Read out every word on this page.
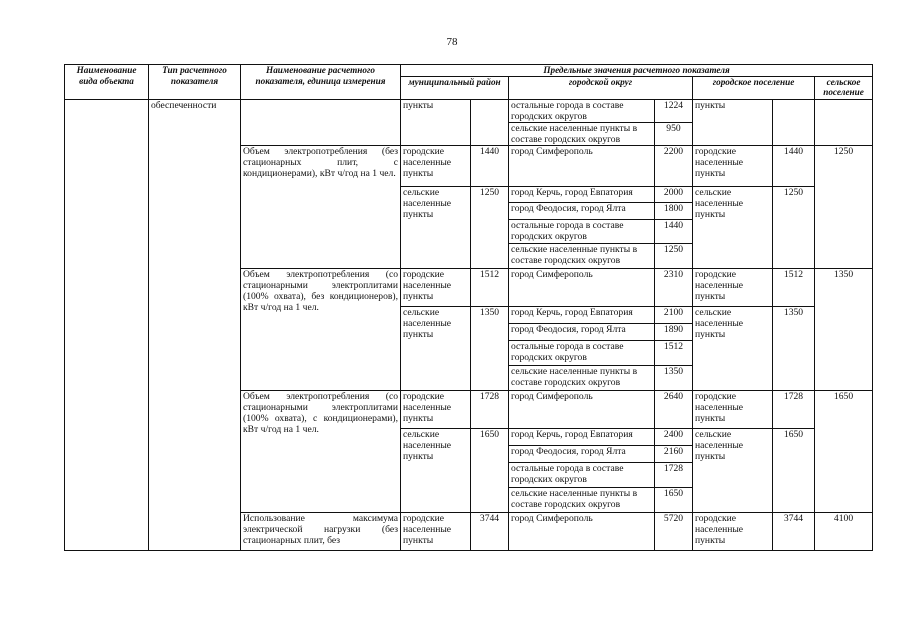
78
Наименование вида объекта	Тип расчетного показателя	Наименование расчетного показателя, единица измерения	Предельные значения расчетного показателя						
			муниципальный район		городской округ		городское поселение		сельское поселение
	обеспеченности		пункты		остальные города в составе городских округов	1224	пункты		
					сельские населенные пункты в составе городских округов	950			
		Объем электропотребления (без стационарных плит, с кондиционерами), кВт ч/год на 1 чел.	городские населенные пункты	1440	город Симферополь	2200	городские населенные пункты	1440	1250
			сельские населенные пункты	1250	город Керчь, город Евпатория	2000	сельские населенные пункты	1250	
					город Феодосия, город Ялта	1800			
					остальные города в составе городских округов	1440			
					сельские населенные пункты в составе городских округов	1250			
		Объем электропотребления (со стационарными электроплитами (100% охвата), без кондиционеров), кВт ч/год на 1 чел.	городские населенные пункты	1512	город Симферополь	2310	городские населенные пункты	1512	1350
			сельские населенные пункты	1350	город Керчь, город Евпатория	2100	сельские населенные пункты	1350	
					город Феодосия, город Ялта	1890			
					остальные города в составе городских округов	1512			
					сельские населенные пункты в составе городских округов	1350			
		Объем электропотребления (со стационарными электроплитами (100% охвата), с кондиционерами), кВт ч/год на 1 чел.	городские населенные пункты	1728	город Симферополь	2640	городские населенные пункты	1728	1650
			сельские населенные пункты	1650	город Керчь, город Евпатория	2400	сельские населенные пункты	1650	
					город Феодосия, город Ялта	2160			
					остальные города в составе городских округов	1728			
					сельские населенные пункты в составе городских округов	1650			
		Использование максимума электрической нагрузки (без стационарных плит, без	городские населенные пункты	3744	город Симферополь	5720	городские населенные пункты	3744	4100
